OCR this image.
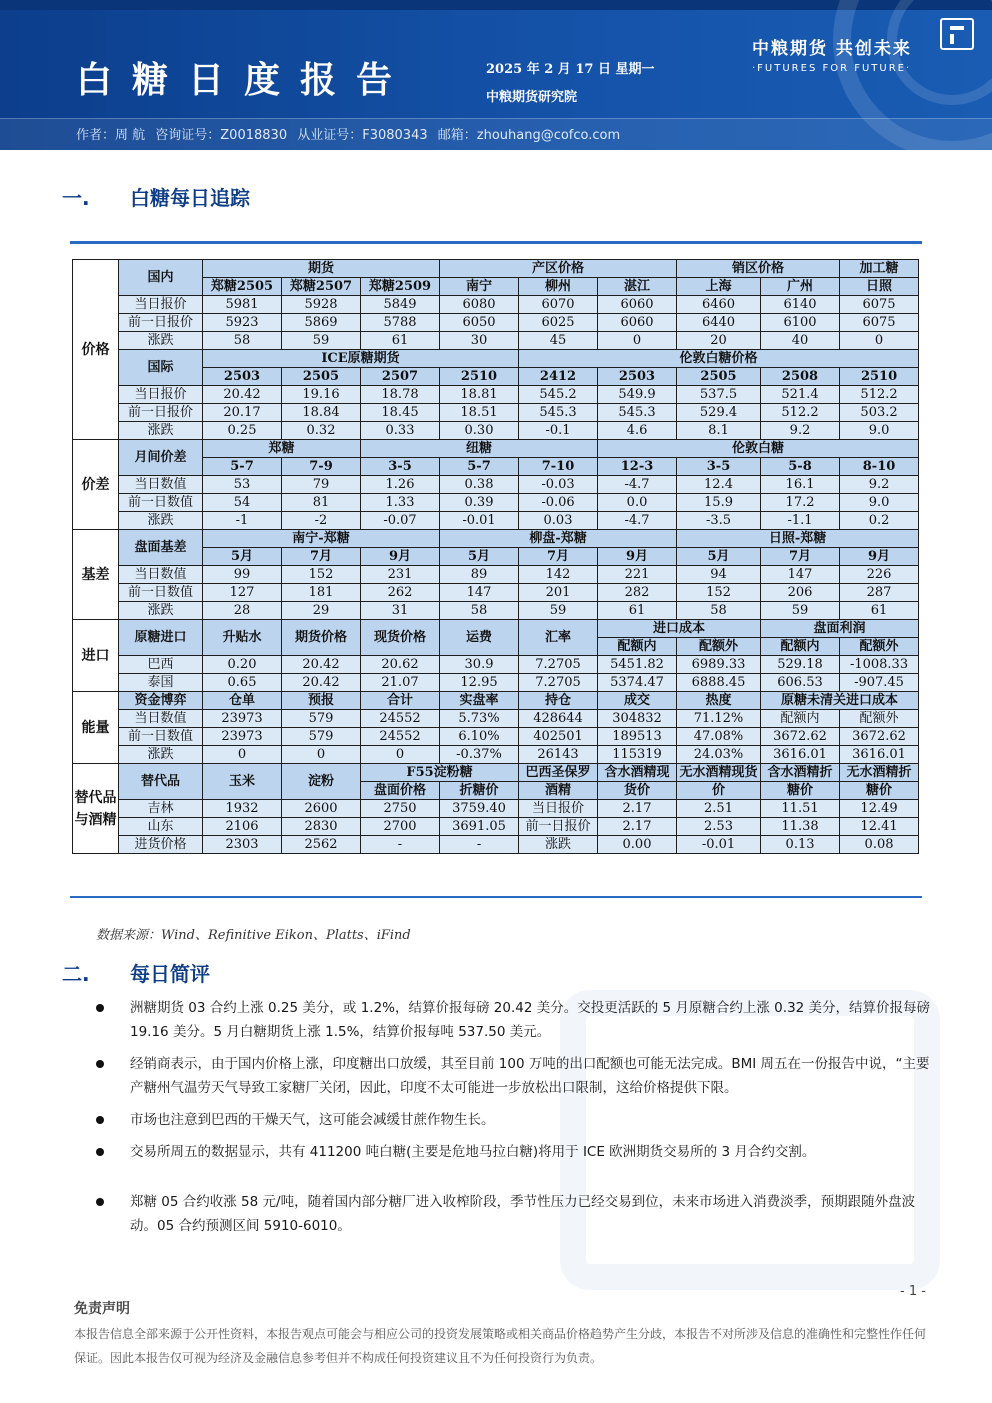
白糖日度报告	2025 年 2 月 17 日 星期一
中粮期货研究院
中粮期货 共创未来
·FUTURES FOR FUTURE·
作者：周 航 咨询证号：Z0018830 从业证号：F3080343 邮箱：zhouhang@cofco.com
一. 白糖每日追踪
价格	国内	期货			产区价格			销区价格		加工糖
		郑糖2505	郑糖2507	郑糖2509	南宁	柳州	湛江	上海	广州	日照
	当日报价	5981	5928	5849	6080	6070	6060	6460	6140	6075
	前一日报价	5923	5869	5788	6050	6025	6060	6440	6100	6075
	涨跌	58	59	61	30	45	0	20	40	0
	国际	ICE原糖期货				伦敦白糖价格				
		2503	2505	2507	2510	2412	2503	2505	2508	2510
	当日报价	20.42	19.16	18.78	18.81	545.2	549.9	537.5	521.4	512.2
	前一日报价	20.17	18.84	18.45	18.51	545.3	545.3	529.4	512.2	503.2
	涨跌	0.25	0.32	0.33	0.30	-0.1	4.6	8.1	9.2	9.0
价差	月间价差	郑糖		纽糖			伦敦白糖			
		5-7	7-9	3-5	5-7	7-10	12-3	3-5	5-8	8-10
	当日数值	53	79	1.26	0.38	-0.03	-4.7	12.4	16.1	9.2
	前一日数值	54	81	1.33	0.39	-0.06	0.0	15.9	17.2	9.0
	涨跌	-1	-2	-0.07	-0.01	0.03	-4.7	-3.5	-1.1	0.2
基差	盘面基差	南宁-郑糖			柳盘-郑糖			日照-郑糖		
		5月	7月	9月	5月	7月	9月	5月	7月	9月
	当日数值	99	152	231	89	142	221	94	147	226
	前一日数值	127	181	262	147	201	282	152	206	287
	涨跌	28	29	31	58	59	61	58	59	61
进口	原糖进口	升贴水	期货价格	现货价格	运费	汇率	进口成本		盘面利润	
							配额内	配额外	配额内	配额外
	巴西	0.20	20.42	20.62	30.9	7.2705	5451.82	6989.33	529.18	-1008.33
	泰国	0.65	20.42	21.07	12.95	7.2705	5374.47	6888.45	606.53	-907.45
能量	资金博弈	仓单	预报	合计	实盘率	持仓	成交	热度	原糖未清关进口成本	
	当日数值	23973	579	24552	5.73%	428644	304832	71.12%	配额内	配额外
	前一日数值	23973	579	24552	6.10%	402501	189513	47.08%	3672.62	3672.62
	涨跌	0	0	0	-0.37%	26143	115319	24.03%	3616.01	3616.01
替代品与酒精	替代品	玉米	淀粉	F55淀粉糖		巴西圣保罗	含水酒精现	无水酒精现货	含水酒精折	无水酒精折
				盘面价格	折糖价	酒精	货价	价	糖价	糖价
	吉林	1932	2600	2750	3759.40	当日报价	2.17	2.51	11.51	12.49
	山东	2106	2830	2700	3691.05	前一日报价	2.17	2.53	11.38	12.41
	进货价格	2303	2562	-	-	涨跌	0.00	-0.01	0.13	0.08
数据来源：Wind、Refinitive Eikon、Platts、iFind
二. 每日简评
洲糖期货 03 合约上涨 0.25 美分，或 1.2%，结算价报每磅 20.42 美分。交投更活跃的 5 月原糖合约上涨 0.32 美分，结算价报每磅 19.16 美分。5 月白糖期货上涨 1.5%，结算价报每吨 537.50 美元。
经销商表示，由于国内价格上涨，印度糖出口放缓，其至目前 100 万吨的出口配额也可能无法完成。BMI 周五在一份报告中说，“主要产糖州气温劳天气导致工家糖厂关闭，因此，印度不太可能进一步放松出口限制，这给价格提供下限。
市场也注意到巴西的干燥天气，这可能会减缓甘蔗作物生长。
交易所周五的数据显示，共有 411200 吨白糖(主要是危地马拉白糖)将用于 ICE 欧洲期货交易所的 3 月合约交割。
郑糖 05 合约收涨 58 元/吨，随着国内部分糖厂进入收榨阶段，季节性压力已经交易到位，未来市场进入消费淡季，预期跟随外盘波动。05 合约预测区间 5910-6010。
- 1 -
免责声明
本报告信息全部来源于公开性资料，本报告观点可能会与相应公司的投资发展策略或相关商品价格趋势产生分歧，本报告不对所涉及信息的准确性和完整性作任何保证。因此本报告仅可视为经济及金融信息参考但并不构成任何投资建议且不为任何投资行为负责。
